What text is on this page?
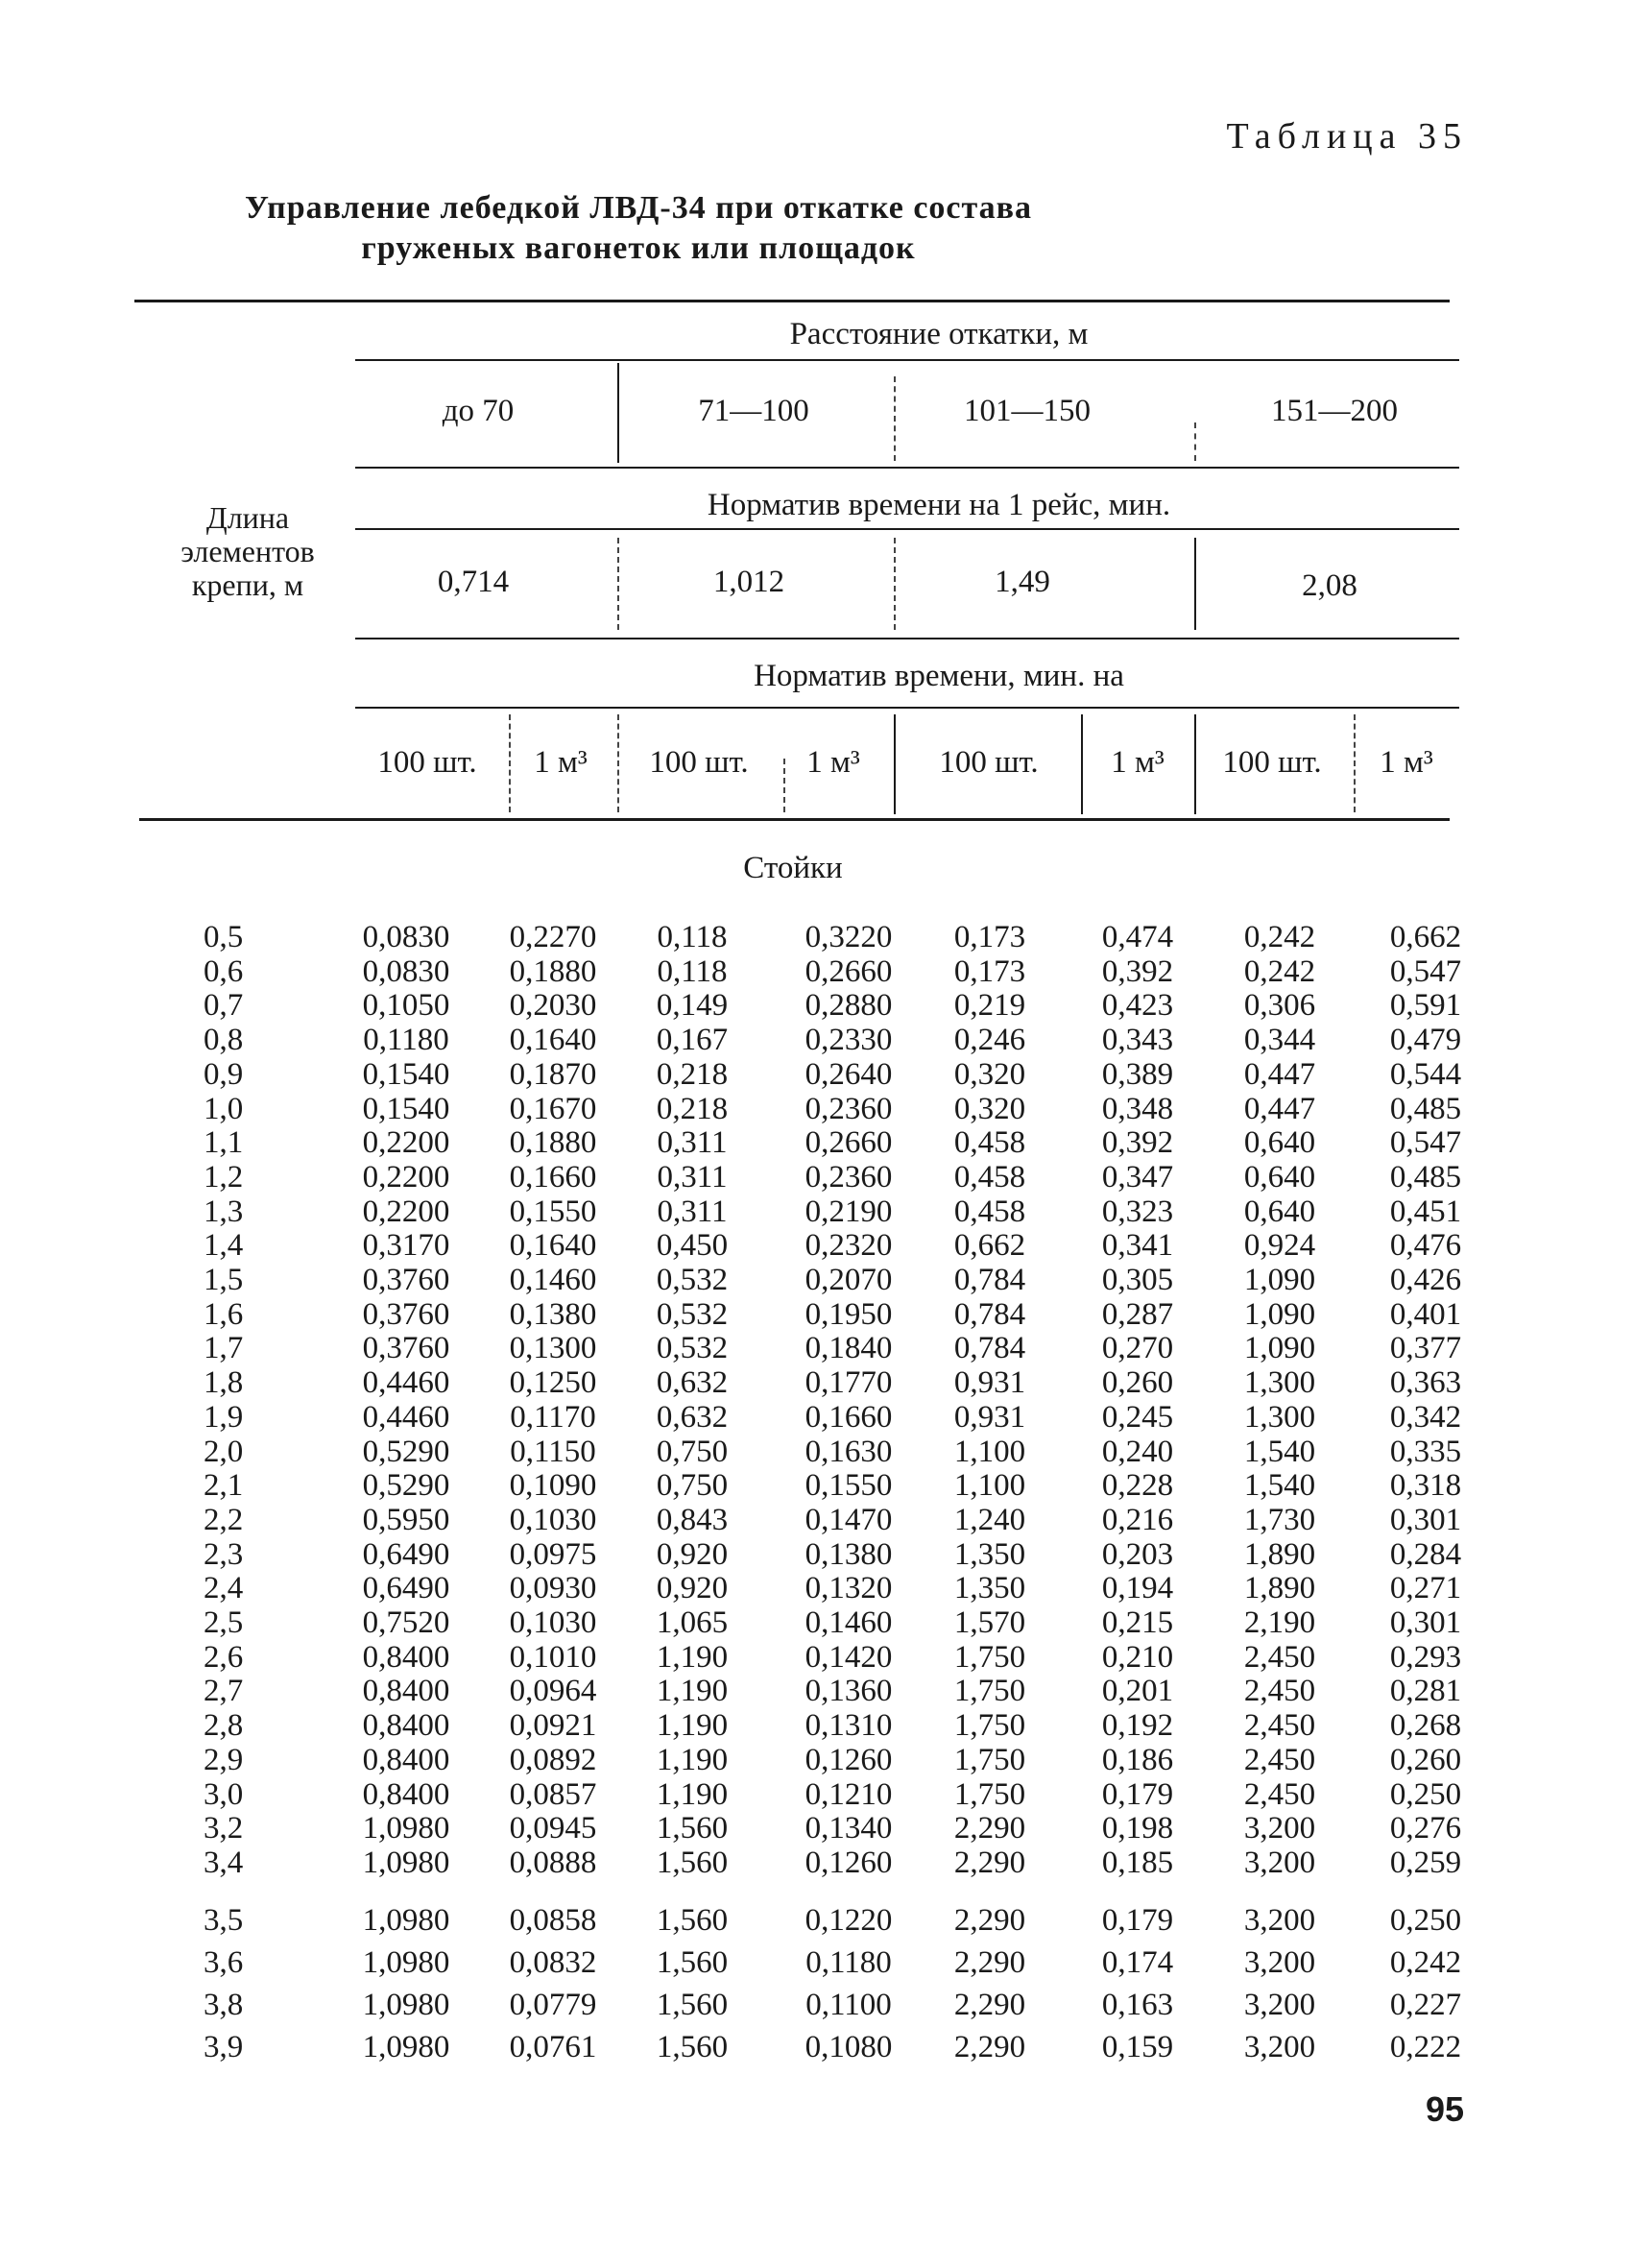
Таблица 35
Управление лебедкой ЛВД-34 при откатке состава
груженых вагонеток или площадок
Длина
элементов
крепи, м
Расстояние откатки, м
до 70	71—100	101—150	151—200
Норматив времени на 1 рейс, мин.
0,714	1,012	1,49	2,08
Норматив времени, мин. на
100 шт. 1 м³ 100 шт. 1 м³	100 шт. 1 м³ 100 шт. 1 м³
Стойки
0,5	0,0830 0,2270 0,118 0,3220 0,173 0,474 0,242 0,662
0,6	0,0830 0,1880 0,118 0,2660 0,173 0,392 0,242 0,547
0,7	0,1050 0,2030 0,149 0,2880 0,219 0,423 0,306 0,591
0,8	0,1180 0,1640 0,167 0,2330 0,246 0,343 0,344 0,479
0,9	0,1540 0,1870 0,218 0,2640 0,320 0,389 0,447 0,544
1,0	0,1540 0,1670 0,218 0,2360 0,320 0,348 0,447 0,485
1,1	0,2200 0,1880 0,311 0,2660 0,458 0,392 0,640 0,547
1,2	0,2200 0,1660 0,311 0,2360 0,458 0,347 0,640 0,485
1,3	0,2200 0,1550 0,311 0,2190 0,458 0,323 0,640 0,451
1,4	0,3170 0,1640 0,450 0,2320 0,662 0,341 0,924 0,476
1,5	0,3760 0,1460 0,532 0,2070 0,784 0,305 1,090 0,426
1,6	0,3760 0,1380 0,532 0,1950 0,784 0,287 1,090 0,401
1,7	0,3760 0,1300 0,532 0,1840 0,784 0,270 1,090 0,377
1,8	0,4460 0,1250 0,632 0,1770 0,931 0,260 1,300 0,363
1,9	0,4460 0,1170 0,632 0,1660 0,931 0,245 1,300 0,342
2,0	0,5290 0,1150 0,750 0,1630 1,100 0,240 1,540 0,335
2,1	0,5290 0,1090 0,750 0,1550 1,100 0,228 1,540 0,318
2,2	0,5950 0,1030 0,843 0,1470 1,240 0,216 1,730 0,301
2,3	0,6490 0,0975 0,920 0,1380 1,350 0,203 1,890 0,284
2,4	0,6490 0,0930 0,920 0,1320 1,350 0,194 1,890 0,271
2,5	0,7520 0,1030 1,065 0,1460 1,570 0,215 2,190 0,301
2,6	0,8400 0,1010 1,190 0,1420 1,750 0,210 2,450 0,293
2,7	0,8400 0,0964 1,190 0,1360 1,750 0,201 2,450 0,281
2,8	0,8400 0,0921 1,190 0,1310 1,750 0,192 2,450 0,268
2,9	0,8400 0,0892 1,190 0,1260 1,750 0,186 2,450 0,260
3,0	0,8400 0,0857 1,190 0,1210 1,750 0,179 2,450 0,250
3,2	1,0980 0,0945 1,560 0,1340 2,290 0,198 3,200 0,276
3,4	1,0980 0,0888 1,560 0,1260 2,290 0,185 3,200 0,259
3,5	1,0980 0,0858 1,560 0,1220 2,290 0,179 3,200 0,250
3,6	1,0980 0,0832 1,560 0,1180 2,290 0,174 3,200 0,242
3,8	1,0980 0,0779 1,560 0,1100 2,290 0,163 3,200 0,227
3,9	1,0980 0,0761 1,560 0,1080 2,290 0,159 3,200 0,222
95
